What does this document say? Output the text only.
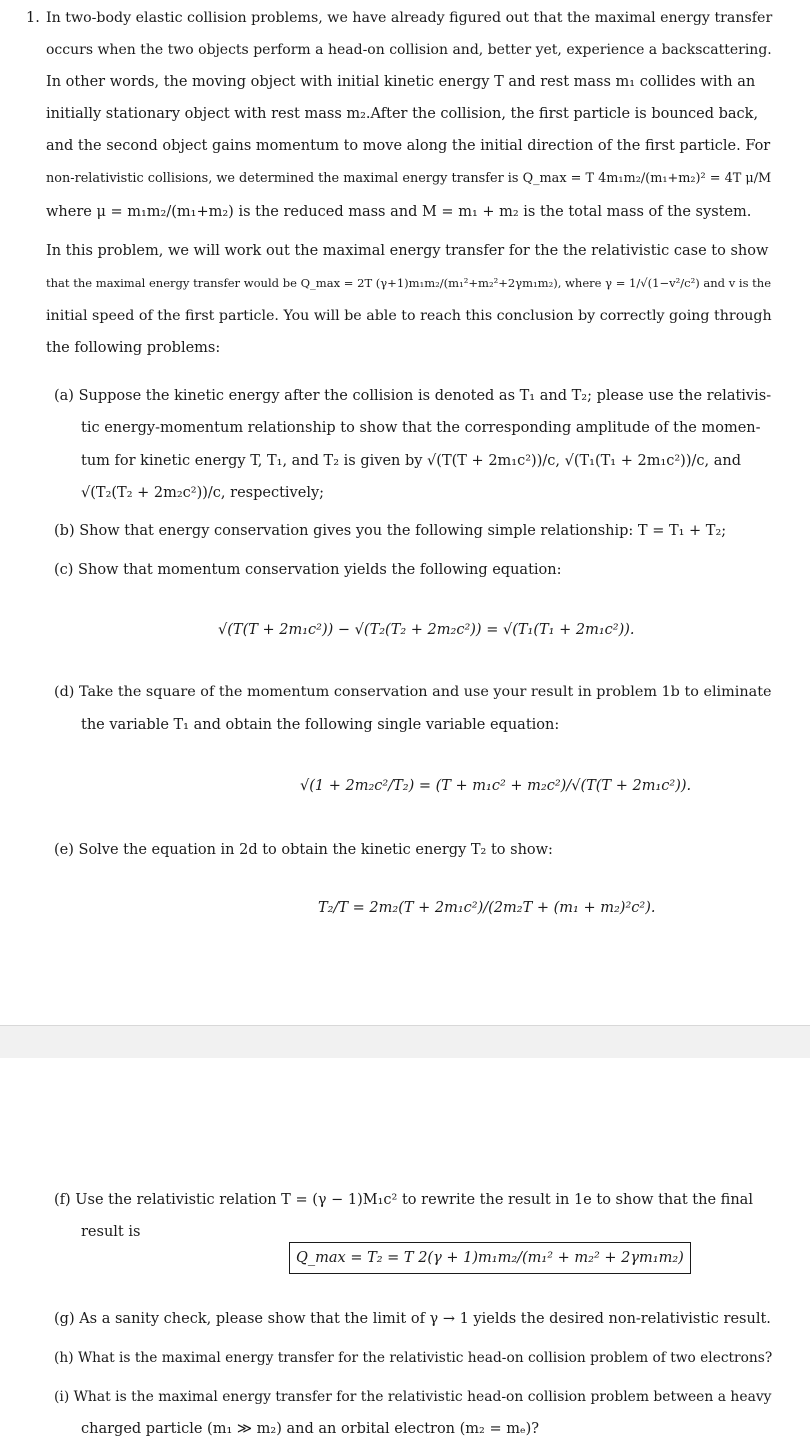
1. In two-body elastic collision problems, we have already figured out that the maximal energy transfer
occurs when the two objects perform a head-on collision and, better yet, experience a backscattering.
In other words, the moving object with initial kinetic energy T and rest mass m₁ collides with an
initially stationary object with rest mass m₂.After the collision, the first particle is bounced back,
and the second object gains momentum to move along the initial direction of the first particle. For
non-relativistic collisions, we determined the maximal energy transfer is Q_max = T 4m₁m₂/(m₁+m₂)² = 4T μ/M
where μ = m₁m₂/(m₁+m₂) is the reduced mass and M = m₁ + m₂ is the total mass of the system.
In this problem, we will work out the maximal energy transfer for the the relativistic case to show
that the maximal energy transfer would be Q_max = 2T (γ+1)m₁m₂/(m₁²+m₂²+2γm₁m₂), where γ = 1/√(1−v²/c²) and v is the
initial speed of the first particle. You will be able to reach this conclusion by correctly going through
the following problems:
(a) Suppose the kinetic energy after the collision is denoted as T₁ and T₂; please use the relativis-
tic energy-momentum relationship to show that the corresponding amplitude of the momen-
tum for kinetic energy T, T₁, and T₂ is given by √(T(T + 2m₁c²))/c, √(T₁(T₁ + 2m₁c²))/c, and
√(T₂(T₂ + 2m₂c²))/c, respectively;
(b) Show that energy conservation gives you the following simple relationship: T = T₁ + T₂;
(c) Show that momentum conservation yields the following equation:
√(T(T + 2m₁c²)) − √(T₂(T₂ + 2m₂c²)) = √(T₁(T₁ + 2m₁c²)).
(d) Take the square of the momentum conservation and use your result in problem 1b to eliminate
the variable T₁ and obtain the following single variable equation:
√(1 + 2m₂c²/T₂) = (T + m₁c² + m₂c²)/√(T(T + 2m₁c²)).
(e) Solve the equation in 2d to obtain the kinetic energy T₂ to show:
T₂/T = 2m₂(T + 2m₁c²)/(2m₂T + (m₁ + m₂)²c²).
(f) Use the relativistic relation T = (γ − 1)M₁c² to rewrite the result in 1e to show that the final
result is
Q_max = T₂ = T 2(γ + 1)m₁m₂/(m₁² + m₂² + 2γm₁m₂)
(g) As a sanity check, please show that the limit of γ → 1 yields the desired non-relativistic result.
(h) What is the maximal energy transfer for the relativistic head-on collision problem of two electrons?
(i) What is the maximal energy transfer for the relativistic head-on collision problem between a heavy
charged particle (m₁ ≫ m₂) and an orbital electron (m₂ = mₑ)?
